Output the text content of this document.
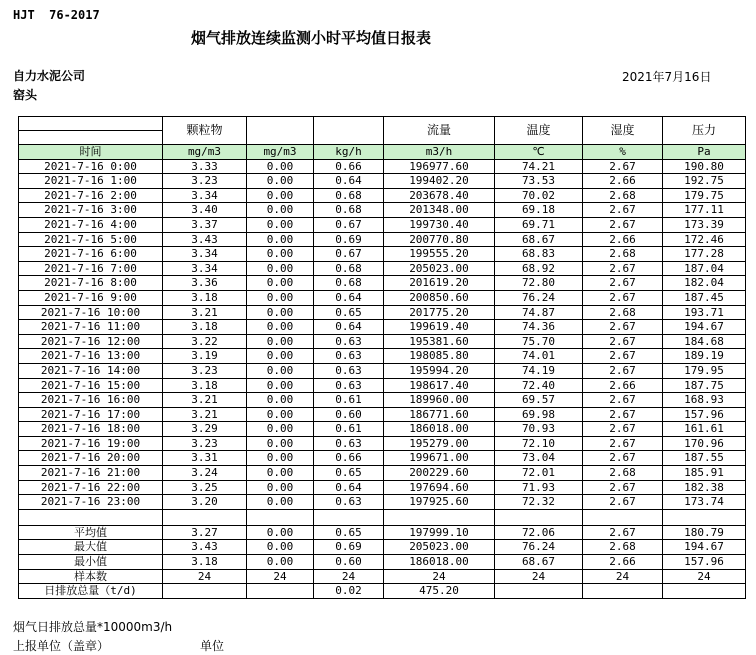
HJT  76-2017
烟气排放连续监测小时平均值日报表
自力水泥公司	2021年7月16日
窑头
	颗粒物			流量	温度	湿度	压力

时间	mg/m3	mg/m3	kg/h	m3/h	℃	%	Pa
2021-7-16 0:00	3.33	0.00	0.66	196977.60	74.21	2.67	190.80
2021-7-16 1:00	3.23	0.00	0.64	199402.20	73.53	2.66	192.75
2021-7-16 2:00	3.34	0.00	0.68	203678.40	70.02	2.68	179.75
2021-7-16 3:00	3.40	0.00	0.68	201348.00	69.18	2.67	177.11
2021-7-16 4:00	3.37	0.00	0.67	199730.40	69.71	2.67	173.39
2021-7-16 5:00	3.43	0.00	0.69	200770.80	68.67	2.66	172.46
2021-7-16 6:00	3.34	0.00	0.67	199555.20	68.83	2.68	177.28
2021-7-16 7:00	3.34	0.00	0.68	205023.00	68.92	2.67	187.04
2021-7-16 8:00	3.36	0.00	0.68	201619.20	72.80	2.67	182.04
2021-7-16 9:00	3.18	0.00	0.64	200850.60	76.24	2.67	187.45
2021-7-16 10:00	3.21	0.00	0.65	201775.20	74.87	2.68	193.71
2021-7-16 11:00	3.18	0.00	0.64	199619.40	74.36	2.67	194.67
2021-7-16 12:00	3.22	0.00	0.63	195381.60	75.70	2.67	184.68
2021-7-16 13:00	3.19	0.00	0.63	198085.80	74.01	2.67	189.19
2021-7-16 14:00	3.23	0.00	0.63	195994.20	74.19	2.67	179.95
2021-7-16 15:00	3.18	0.00	0.63	198617.40	72.40	2.66	187.75
2021-7-16 16:00	3.21	0.00	0.61	189960.00	69.57	2.67	168.93
2021-7-16 17:00	3.21	0.00	0.60	186771.60	69.98	2.67	157.96
2021-7-16 18:00	3.29	0.00	0.61	186018.00	70.93	2.67	161.61
2021-7-16 19:00	3.23	0.00	0.63	195279.00	72.10	2.67	170.96
2021-7-16 20:00	3.31	0.00	0.66	199671.00	73.04	2.67	187.55
2021-7-16 21:00	3.24	0.00	0.65	200229.60	72.01	2.68	185.91
2021-7-16 22:00	3.25	0.00	0.64	197694.60	71.93	2.67	182.38
2021-7-16 23:00	3.20	0.00	0.63	197925.60	72.32	2.67	173.74

平均值	3.27	0.00	0.65	197999.10	72.06	2.67	180.79
最大值	3.43	0.00	0.69	205023.00	76.24	2.68	194.67
最小值	3.18	0.00	0.60	186018.00	68.67	2.66	157.96
样本数	24	24	24	24	24	24	24
日排放总量（t/d)			0.02	475.20			
烟气日排放总量*10000m3/h
上报单位（盖章）	单位
